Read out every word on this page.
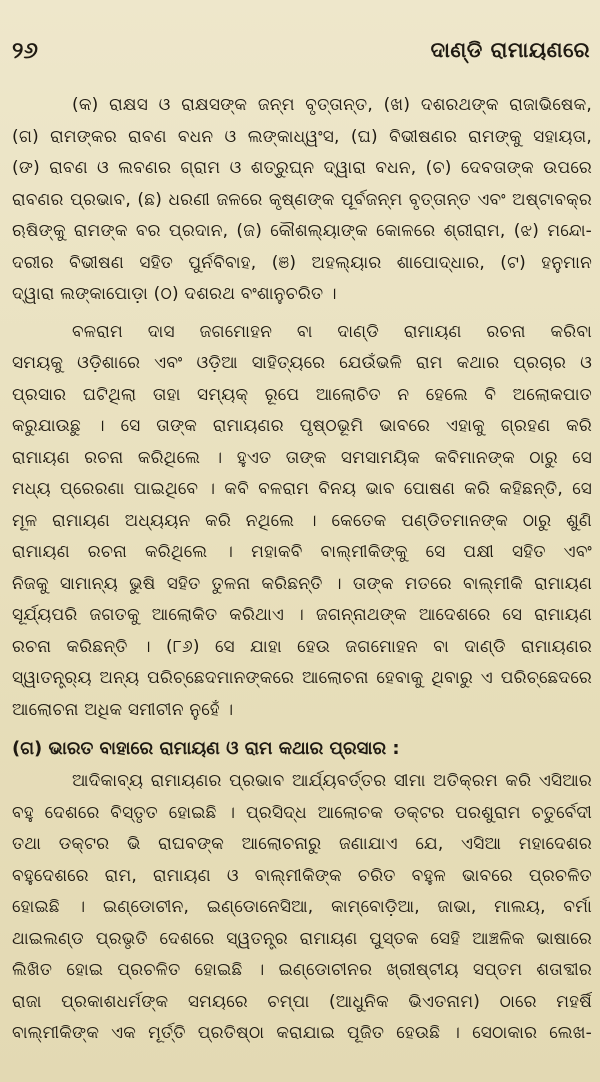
୨୬	ଦାଣ୍ଡି ରାମାୟଣରେ
(କ) ରାକ୍ଷସ ଓ ରାକ୍ଷସଙ୍କ ଜନ୍ମ ବୃତ୍ତାନ୍ତ, (ଖ) ଦଶରଥଙ୍କ ରାଜାଭିଷେକ,
(ଗ) ରାମଙ୍କର ରାବଣ ବଧନ ଓ ଲଙ୍କାଧ୍ୱଂସ, (ଘ) ବିଭୀଷଣର ରାମଙ୍କୁ ସହାୟତା,
(ଙ) ରାବଣ ଓ ଲବଣର ଗ୍ରାମ ଓ ଶତ୍ରୁଘ୍ନ ଦ୍ୱାରା ବଧନ, (ଚ) ଦେବତାଙ୍କ ଉପରେ
ରାବଣର ପ୍ରଭାବ, (ଛ) ଧରଣୀ ଜଳରେ କୃଷ୍ଣଙ୍କ ପୂର୍ବଜନ୍ମ ବୃତ୍ତାନ୍ତ ଏବଂ ଅଷ୍ଟାବକ୍ର
ଋଷିଙ୍କୁ ରାମଙ୍କ ବର ପ୍ରଦାନ, (ଜ) କୌଶଲ୍ୟାଙ୍କ କୋଳରେ ଶ୍ରୀରାମ, (ଝ) ମନ୍ଦୋ-
ଦରୀର ବିଭୀଷଣ ସହିତ ପୁର୍ନବିବାହ, (ଞ) ଅହଲ୍ୟାର ଶାପୋଦ୍ଧାର, (ଟ) ହନୁମାନ
ଦ୍ୱାରା ଲଙ୍କାପୋଡ଼ା (ଠ) ଦଶରଥ ବଂଶାନୁଚରିତ ।
ବଳରାମ ଦାସ ଜଗମୋହନ ବା ଦାଣ୍ଡି ରାମାୟଣ ରଚନା କରିବା
ସମୟକୁ ଓଡ଼ିଶାରେ ଏବଂ ଓଡ଼ିଆ ସାହିତ୍ୟରେ ଯେଉଁଭଳି ରାମ କଥାର ପ୍ରଚାର ଓ
ପ୍ରସାର ଘଟିଥିଲା ତାହା ସମ୍ୟକ୍ ରୂପେ ଆଲୋଚିତ ନ ହେଲେ ବି ଅଲୋକପାତ
କରୁଯାଉଛୁ । ସେ ତାଙ୍କ ରାମାୟଣର ପୃଷ୍ଠଭୂମି ଭାବରେ ଏହାକୁ ଗ୍ରହଣ କରି
ରାମାୟଣ ରଚନା କରିଥିଲେ । ହୁଏତ ତାଙ୍କ ସମସାମୟିକ କବିମାନଙ୍କ ଠାରୁ ସେ
ମଧ୍ୟ ପ୍ରେରଣା ପାଇଥିବେ । କବି ବଳରାମ ବିନୟ ଭାବ ପୋଷଣ କରି କହିଛନ୍ତି, ସେ
ମୂଳ ରାମାୟଣ ଅଧ୍ୟୟନ କରି ନଥିଲେ । କେତେକ ପଣ୍ଡିତମାନଙ୍କ ଠାରୁ ଶୁଣି
ରାମାୟଣ ରଚନା କରିଥିଲେ । ମହାକବି ବାଲ୍ମୀକିଙ୍କୁ ସେ ପକ୍ଷୀ ସହିତ ଏବଂ
ନିଜକୁ ସାମାନ୍ୟ ଭୁଷି ସହିତ ତୁଳନା କରିଛନ୍ତି । ତାଙ୍କ ମତରେ ବାଲ୍ମୀକି ରାମାୟଣ
ସୂର୍ଯ୍ୟପରି ଜଗତକୁ ଆଲୋକିତ କରିଥାଏ । ଜଗନ୍ନାଥଙ୍କ ଆଦେଶରେ ସେ ରାମାୟଣ
ରଚନା କରିଛନ୍ତି । (୮୬) ସେ ଯାହା ହେଉ ଜଗମୋହନ ବା ଦାଣ୍ଡି ରାମାୟଣର
ସ୍ୱାତନ୍ତ୍ର୍ୟ ଅନ୍ୟ ପରିଚ୍ଛେଦମାନଙ୍କରେ ଆଲୋଚନା ହେବାକୁ ଥିବାରୁ ଏ ପରିଚ୍ଛେଦରେ
ଆଲୋଚନା ଅଧିକ ସମୀଚୀନ ନୁହେଁ ।
(ଗ) ଭାରତ ବାହାରେ ରାମାୟଣ ଓ ରାମ କଥାର ପ୍ରସାର :
ଆଦିକାବ୍ୟ ରାମାୟଣର ପ୍ରଭାବ ଆର୍ଯ୍ୟବର୍ତ୍ତର ସୀମା ଅତିକ୍ରମ କରି ଏସିଆର
ବହୁ ଦେଶରେ ବିସ୍ତୃତ ହୋଇଛି । ପ୍ରସିଦ୍ଧ ଆଲୋଚକ ଡକ୍ଟର ପରଶୁରାମ ଚତୁର୍ବେଦୀ
ତଥା ଡକ୍ଟର ଭି ରାଘବଙ୍କ ଆଲୋଚନାରୁ ଜଣାଯାଏ ଯେ, ଏସିଆ ମହାଦେଶର
ବହୁଦେଶରେ ରାମ, ରାମାୟଣ ଓ ବାଲ୍ମୀକିଙ୍କ ଚରିତ ବହୁଳ ଭାବରେ ପ୍ରଚଳିତ
ହୋଇଛି । ଇଣ୍ଡୋଚୀନ, ଇଣ୍ଡୋନେସିଆ, କାମ୍ବୋଡ଼ିଆ, ଜାଭା, ମାଲୟ, ବର୍ମା
ଥାଇଲଣ୍ଡ ପ୍ରଭୃତି ଦେଶରେ ସ୍ୱତନ୍ତ୍ର ରାମାୟଣ ପୁସ୍ତକ ସେହି ଆଞ୍ଚଳିକ ଭାଷାରେ
ଲିଖିତ ହୋଇ ପ୍ରଚଳିତ ହୋଇଛି । ଇଣ୍ଡୋଚୀନର ଖ୍ରୀଷ୍ଟୀୟ ସପ୍ତମ ଶତାବ୍ଦୀର
ରାଜା ପ୍ରକାଶଧର୍ମଙ୍କ ସମୟରେ ଚମ୍ପା (ଆଧୁନିକ ଭିଏତନାମ) ଠାରେ ମହର୍ଷି
ବାଲ୍ମୀକିଙ୍କ ଏକ ମୂର୍ତ୍ତି ପ୍ରତିଷ୍ଠା କରାଯାଇ ପୂଜିତ ହେଉଛି । ସେଠାକାର ଲେଖ-
